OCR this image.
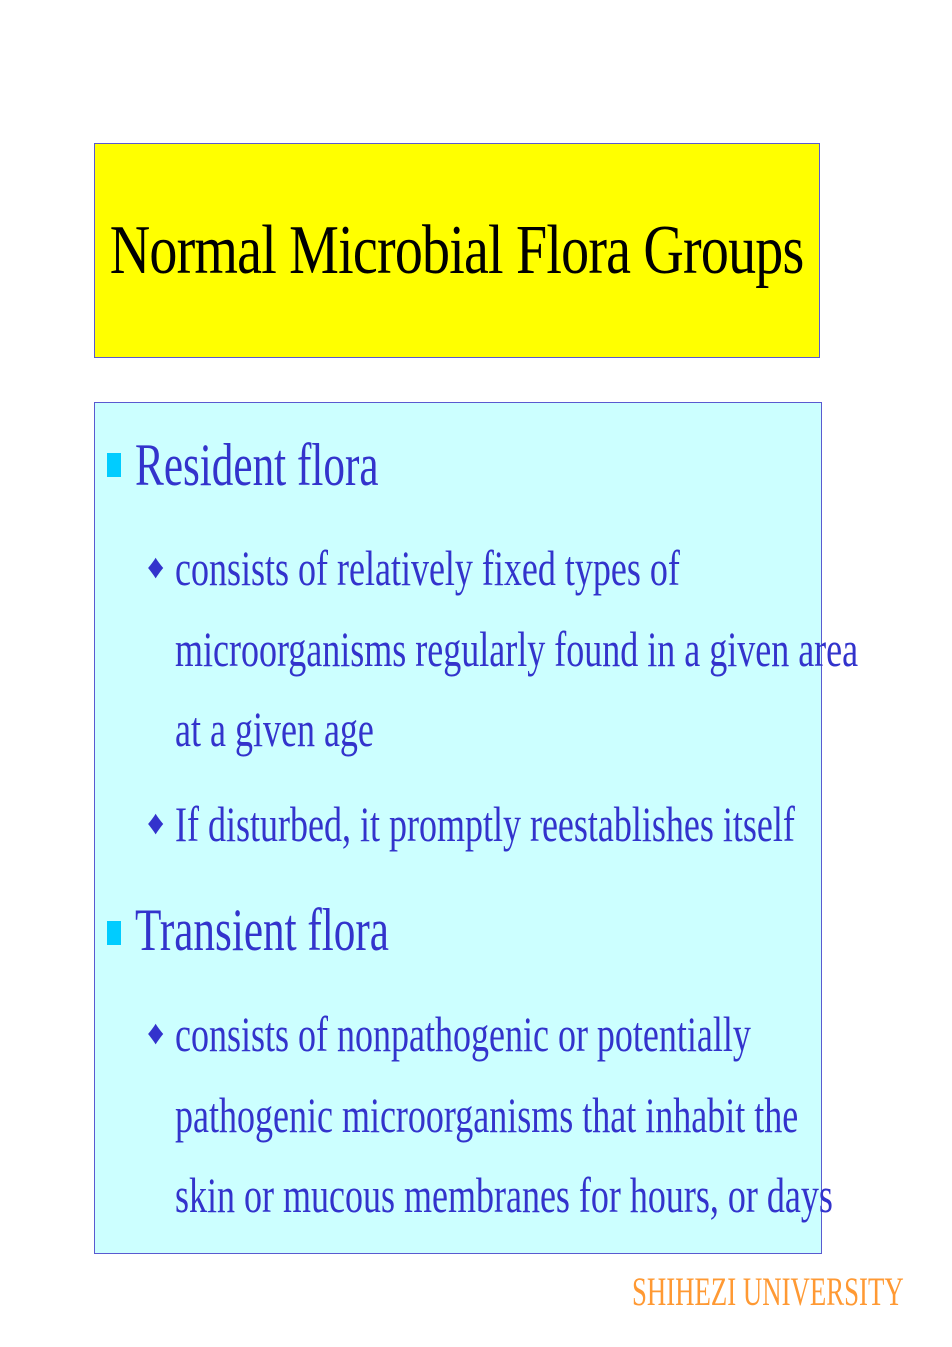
Normal Microbial Flora Groups
Resident flora
♦ consists of relatively fixed types of
microorganisms regularly found in a given area
at a given age
♦ If disturbed, it promptly reestablishes itself
Transient flora
♦ consists of nonpathogenic or potentially
pathogenic microorganisms that inhabit the
skin or mucous membranes for hours, or days
SHIHEZI UNIVERSITY
